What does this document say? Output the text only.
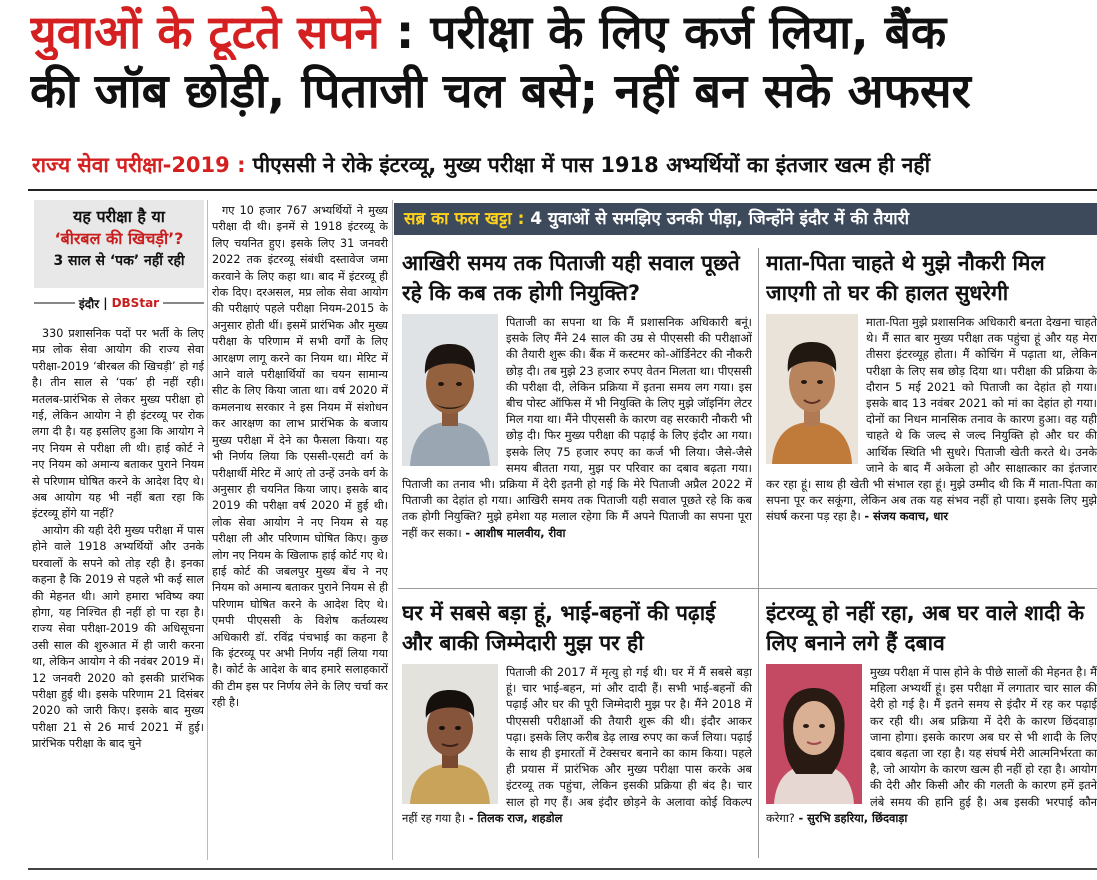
युवाओं के टूटते सपने : परीक्षा के लिए कर्ज लिया, बैंक
की जॉब छोड़ी, पिताजी चल बसे; नहीं बन सके अफसर
राज्य सेवा परीक्षा-2019 : पीएससी ने रोके इंटरव्यू, मुख्य परीक्षा में पास 1918 अभ्यर्थियों का इंतजार खत्म ही नहीं
यह परीक्षा है या
‘बीरबल की खिचड़ी’?
3 साल से ‘पक’ नहीं रही
इंदौर | DBStar

330 प्रशासनिक पदों पर भर्ती के लिए मप्र लोक सेवा आयोग की राज्य सेवा परीक्षा-2019 ‘बीरबल की खिचड़ी’ हो गई है। तीन साल से ‘पक’ ही नहीं रही। मतलब-प्रारंभिक से लेकर मुख्य परीक्षा हो गई, लेकिन आयोग ने ही इंटरव्यू पर रोक लगा दी है। यह इसलिए हुआ कि आयोग ने नए नियम से परीक्षा ली थी। हाई कोर्ट ने नए नियम को अमान्य बताकर पुराने नियम से परिणाम घोषित करने के आदेश दिए थे। अब आयोग यह भी नहीं बता रहा कि इंटरव्यू होंगे या नहीं?

आयोग की यही देरी मुख्य परीक्षा में पास होने वाले 1918 अभ्यर्थियों और उनके घरवालों के सपने को तोड़ रही है। इनका कहना है कि 2019 से पहले भी कई साल की मेहनत थी। आगे हमारा भविष्य क्या होगा, यह निश्चित ही नहीं हो पा रहा है। राज्य सेवा परीक्षा-2019 की अधिसूचना उसी साल की शुरुआत में ही जारी करना था, लेकिन आयोग ने की नवंबर 2019 में। 12 जनवरी 2020 को इसकी प्रारंभिक परीक्षा हुई थी। इसके परिणाम 21 दिसंबर 2020 को जारी किए। इसके बाद मुख्य परीक्षा 21 से 26 मार्च 2021 में हुई। प्रारंभिक परीक्षा के बाद चुने

गए 10 हजार 767 अभ्यर्थियों ने मुख्य परीक्षा दी थी। इनमें से 1918 इंटरव्यू के लिए चयनित हुए। इसके लिए 31 जनवरी 2022 तक इंटरव्यू संबंधी दस्तावेज जमा करवाने के लिए कहा था। बाद में इंटरव्यू ही रोक दिए। दरअसल, मप्र लोक सेवा आयोग की परीक्षाएं पहले परीक्षा नियम-2015 के अनुसार होती थीं। इसमें प्रारंभिक और मुख्य परीक्षा के परिणाम में सभी वर्गों के लिए आरक्षण लागू करने का नियम था। मेरिट में आने वाले परीक्षार्थियों का चयन सामान्य सीट के लिए किया जाता था। वर्ष 2020 में कमलनाथ सरकार ने इस नियम में संशोधन कर आरक्षण का लाभ प्रारंभिक के बजाय मुख्य परीक्षा में देने का फैसला किया। यह भी निर्णय लिया कि एससी-एसटी वर्ग के परीक्षार्थी मेरिट में आएं तो उन्हें उनके वर्ग के अनुसार ही चयनित किया जाए। इसके बाद 2019 की परीक्षा वर्ष 2020 में हुई थी। लोक सेवा आयोग ने नए नियम से यह परीक्षा ली और परिणाम घोषित किए। कुछ लोग नए नियम के खिलाफ हाई कोर्ट गए थे। हाई कोर्ट की जबलपुर मुख्य बेंच ने नए नियम को अमान्य बताकर पुराने नियम से ही परिणाम घोषित करने के आदेश दिए थे। एमपी पीएससी के विशेष कर्तव्यस्थ अधिकारी डॉ. रविंद्र पंचभाई का कहना है कि इंटरव्यू पर अभी निर्णय नहीं लिया गया है। कोर्ट के आदेश के बाद हमारे सलाहकारों की टीम इस पर निर्णय लेने के लिए चर्चा कर रही है।

सब्र का फल खट्टा : 4 युवाओं से समझिए उनकी पीड़ा, जिन्होंने इंदौर में की तैयारी
आखिरी समय तक पिताजी यही सवाल पूछते रहे कि कब तक होगी नियुक्ति?
पिताजी का सपना था कि मैं प्रशासनिक अधिकारी बनूं। इसके लिए मैंने 24 साल की उम्र से पीएससी की परीक्षाओं की तैयारी शुरू की। बैंक में कस्टमर को-ऑर्डिनेटर की नौकरी छोड़ दी। तब मुझे 23 हजार रुपए वेतन मिलता था। पीएससी की परीक्षा दी, लेकिन प्रक्रिया में इतना समय लग गया। इस बीच पोस्ट ऑफिस में भी नियुक्ति के लिए मुझे जॉइनिंग लेटर मिल गया था। मैंने पीएससी के कारण वह सरकारी नौकरी भी छोड़ दी। फिर मुख्य परीक्षा की पढ़ाई के लिए इंदौर आ गया। इसके लिए 75 हजार रुपए का कर्ज भी लिया। जैसे-जैसे समय बीतता गया, मुझ पर परिवार का दबाव बढ़ता गया। पिताजी का तनाव भी। प्रक्रिया में देरी इतनी हो गई कि मेरे पिताजी अप्रैल 2022 में पिताजी का देहांत हो गया। आखिरी समय तक पिताजी यही सवाल पूछते रहे कि कब तक होगी नियुक्ति? मुझे हमेशा यह मलाल रहेगा कि मैं अपने पिताजी का सपना पूरा नहीं कर सका। - आशीष मालवीय, रीवा
माता-पिता चाहते थे मुझे नौकरी मिल जाएगी तो घर की हालत सुधरेगी
माता-पिता मुझे प्रशासनिक अधिकारी बनता देखना चाहते थे। मैं सात बार मुख्य परीक्षा तक पहुंचा हूं और यह मेरा तीसरा इंटरव्यूह होता। मैं कोचिंग में पढ़ाता था, लेकिन परीक्षा के लिए सब छोड़ दिया था। परीक्षा की प्रक्रिया के दौरान 5 मई 2021 को पिताजी का देहांत हो गया। इसके बाद 13 नवंबर 2021 को मां का देहांत हो गया। दोनों का निधन मानसिक तनाव के कारण हुआ। वह यही चाहते थे कि जल्द से जल्द नियुक्ति हो और घर की आर्थिक स्थिति भी सुधरे। पिताजी खेती करते थे। उनके जाने के बाद मैं अकेला हो और साक्षात्कार का इंतजार कर रहा हूं। साथ ही खेती भी संभाल रहा हूं। मुझे उम्मीद थी कि मैं माता-पिता का सपना पूर कर सकूंगा, लेकिन अब तक यह संभव नहीं हो पाया। इसके लिए मुझे संघर्ष करना पड़ रहा है। - संजय कवाच, धार
घर में सबसे बड़ा हूं, भाई-बहनों की पढ़ाई और बाकी जिम्मेदारी मुझ पर ही
पिताजी की 2017 में मृत्यु हो गई थी। घर में मैं सबसे बड़ा हूं। चार भाई-बहन, मां और दादी हैं। सभी भाई-बहनों की पढ़ाई और घर की पूरी जिम्मेदारी मुझ पर है। मैंने 2018 में पीएससी परीक्षाओं की तैयारी शुरू की थी। इंदौर आकर पढ़ा। इसके लिए करीब डेढ़ लाख रुपए का कर्ज लिया। पढ़ाई के साथ ही इमारतों में टेक्सचर बनाने का काम किया। पहले ही प्रयास में प्रारंभिक और मुख्य परीक्षा पास करके अब इंटरव्यू तक पहुंचा, लेकिन इसकी प्रक्रिया ही बंद है। चार साल हो गए हैं। अब इंदौर छोड़ने के अलावा कोई विकल्प नहीं रह गया है। - तिलक राज, शहडोल
इंटरव्यू हो नहीं रहा, अब घर वाले शादी के लिए बनाने लगे हैं दबाव
मुख्य परीक्षा में पास होने के पीछे सालों की मेहनत है। मैं महिला अभ्यर्थी हूं। इस परीक्षा में लगातार चार साल की देरी हो गई है। मैं इतने समय से इंदौर में रह कर पढ़ाई कर रही थी। अब प्रक्रिया में देरी के कारण छिंदवाड़ा जाना होगा। इसके कारण अब घर से भी शादी के लिए दबाव बढ़ता जा रहा है। यह संघर्ष मेरी आत्मनिर्भरता का है, जो आयोग के कारण खत्म ही नहीं हो रहा है। आयोग की देरी और किसी और की गलती के कारण हमें इतने लंबे समय की हानि हुई है। अब इसकी भरपाई कौन करेगा? - सुरभि डहरिया, छिंदवाड़ा
